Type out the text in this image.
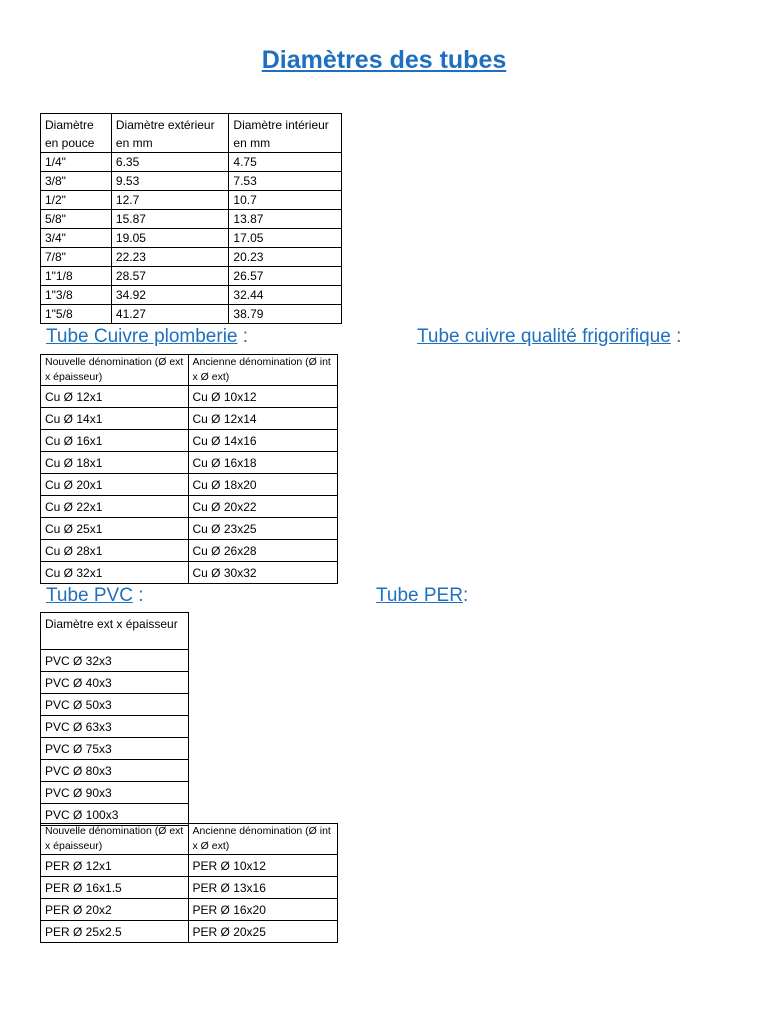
Diamètres des tubes
Diamètre en pouce	Diamètre extérieur en mm	Diamètre intérieur en mm
1/4"	6.35	4.75
3/8"	9.53	7.53
1/2"	12.7	10.7
5/8"	15.87	13.87
3/4"	19.05	17.05
7/8"	22.23	20.23
1"1/8	28.57	26.57
1"3/8	34.92	32.44
1"5/8	41.27	38.79
Tube Cuivre plomberie :	Tube cuivre qualité frigorifique :
Nouvelle dénomination (Ø ext x épaisseur)	Ancienne dénomination (Ø int x Ø ext)
Cu Ø 12x1	Cu Ø 10x12
Cu Ø 14x1	Cu Ø 12x14
Cu Ø 16x1	Cu Ø 14x16
Cu Ø 18x1	Cu Ø 16x18
Cu Ø 20x1	Cu Ø 18x20
Cu Ø 22x1	Cu Ø 20x22
Cu Ø 25x1	Cu Ø 23x25
Cu Ø 28x1	Cu Ø 26x28
Cu Ø 32x1	Cu Ø 30x32
Tube PVC :	Tube PER:
Diamètre ext x épaisseur
PVC Ø 32x3
PVC Ø 40x3
PVC Ø 50x3
PVC Ø 63x3
PVC Ø 75x3
PVC Ø 80x3
PVC Ø 90x3
PVC Ø 100x3
Nouvelle dénomination (Ø ext x épaisseur)	Ancienne dénomination (Ø int x Ø ext)
PER Ø 12x1	PER Ø 10x12
PER Ø 16x1.5	PER Ø 13x16
PER Ø 20x2	PER Ø 16x20
PER Ø 25x2.5	PER Ø 20x25
